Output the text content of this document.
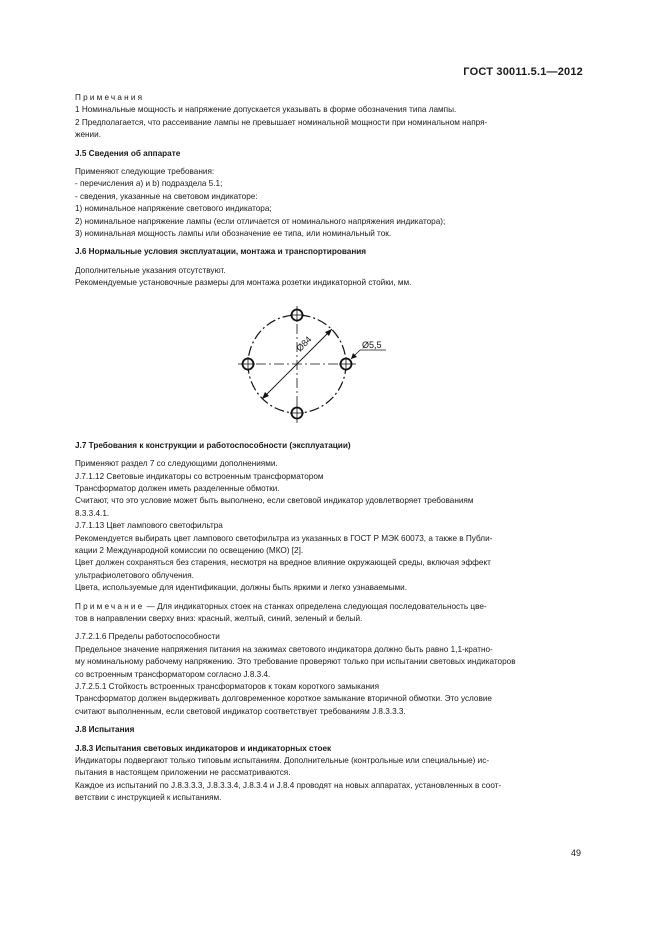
ГОСТ 30011.5.1—2012

Примечания

1 Номинальные мощность и напряжение допускается указывать в форме обозначения типа лампы.

2 Предполагается, что рассеивание лампы не превышает номинальной мощности при номинальном напря-

жении.

J.5 Сведения об аппарате

Применяют следующие требования:

- перечисления а) и b) подраздела 5.1;

- сведения, указанные на световом индикаторе:

1) номинальное напряжение светового индикатора;

2) номинальное напряжение лампы (если отличается от номинального напряжения индикатора);

3) номинальная мощность лампы или обозначение ее типа, или номинальный ток.

J.6 Нормальные условия эксплуатации, монтажа и транспортирования

Дополнительные указания отсутствуют.

Рекомендуемые установочные размеры для монтажа розетки индикаторной стойки, мм.

Ø84	Ø5,5

J.7 Требования к конструкции и работоспособности (эксплуатации)

Применяют раздел 7 со следующими дополнениями.

J.7.1.12 Световые индикаторы со встроенным трансформатором

Трансформатор должен иметь разделенные обмотки.

Считают, что это условие может быть выполнено, если световой индикатор удовлетворяет требованиям

8.3.3.4.1.

J.7.1.13 Цвет лампового светофильтра

Рекомендуется выбирать цвет лампового светофильтра из указанных в ГОСТ Р МЭК 60073, а также в Публи-

кации 2 Международной комиссии по освещению (МКО) [2].

Цвет должен сохраняться без старения, несмотря на вредное влияние окружающей среды, включая эффект

ультрафиолетового облучения.

Цвета, используемые для идентификации, должны быть яркими и легко узнаваемыми.

Примечание — Для индикаторных стоек на станках определена следующая последовательность цве-

тов в направлении сверху вниз: красный, желтый, синий, зеленый и белый.

J.7.2.1.6 Пределы работоспособности

Предельное значение напряжения питания на зажимах светового индикатора должно быть равно 1,1-кратно-

му номинальному рабочему напряжению. Это требование проверяют только при испытании световых индикаторов

со встроенным трансформатором согласно J.8.3.4.

J.7.2.5.1 Стойкость встроенных трансформаторов к токам короткого замыкания

Трансформатор должен выдерживать долговременное короткое замыкание вторичной обмотки. Это условие

считают выполненным, если световой индикатор соответствует требованиям J.8.3.3.3.

J.8 Испытания

J.8.3 Испытания световых индикаторов и индикаторных стоек

Индикаторы подвергают только типовым испытаниям. Дополнительные (контрольные или специальные) ис-

пытания в настоящем приложении не рассматриваются.

Каждое из испытаний по J.8.3.3.3, J.8.3.3.4, J.8.3.4 и J.8.4 проводят на новых аппаратах, установленных в соот-

ветствии с инструкцией к испытаниям.

49
